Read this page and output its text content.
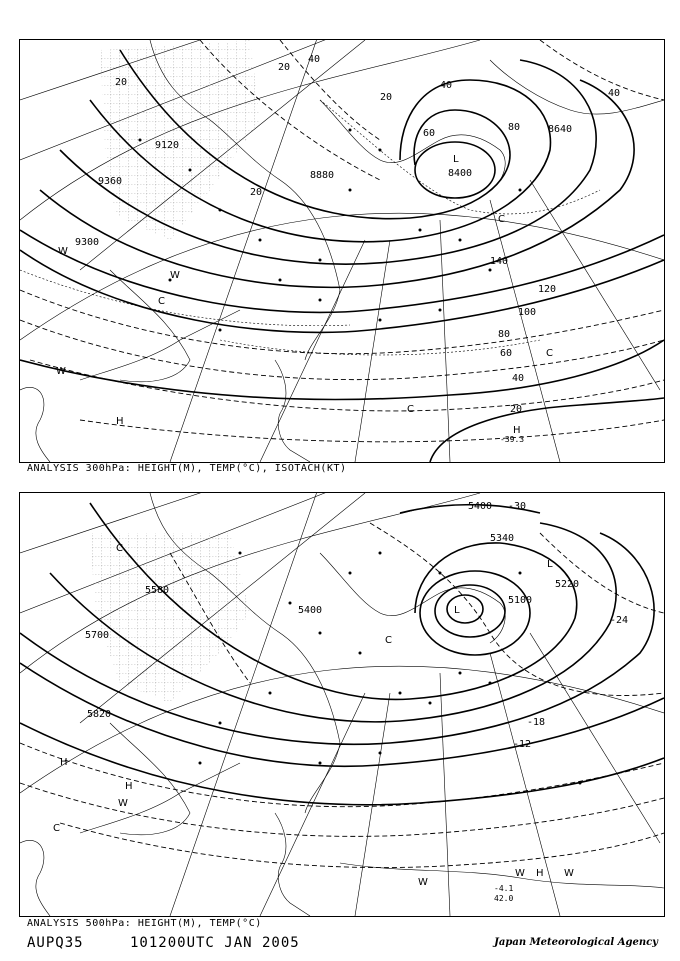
9120
9360
9300
8880
8640
8400
20
20
40
40
20
60
80
40
20
120
100
80
60
40
20
140
L
H
C
W
W
C
C
W
C
H
-39.3
ANALYSIS 300hPa: HEIGHT(M), TEMP(°C), ISOTACH(KT)
5400
5340
5580
5700
5820
5220
5100
5400
-30
-24
-18
-12
L
C
L
C
H
H
W
C
W
W H W
-4.1
42.0
ANALYSIS 500hPa: HEIGHT(M), TEMP(°C)
AUPQ35	101200UTC JAN 2005	Japan Meteorological Agency
